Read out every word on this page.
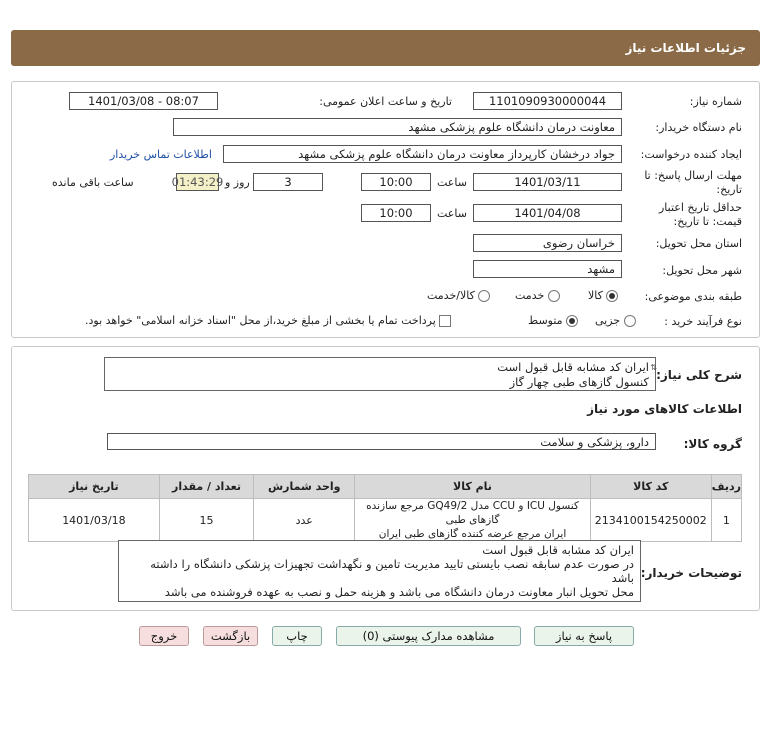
جزئیات اطلاعات نیاز
شماره نیاز:
1101090930000044
تاریخ و ساعت اعلان عمومی:
1401/03/08 - 08:07
نام دستگاه خریدار:
معاونت درمان دانشگاه علوم پزشکی مشهد
ایجاد کننده درخواست:
جواد درخشان کارپرداز معاونت درمان دانشگاه علوم پزشکی مشهد
اطلاعات تماس خریدار
مهلت ارسال پاسخ: تا
تاریخ:
1401/03/11
ساعت
10:00
3
روز و
01:43:29
ساعت باقی مانده
حداقل تاریخ اعتبار
قیمت: تا تاریخ:
1401/04/08
ساعت
10:00
استان محل تحویل:
خراسان رضوی
شهر محل تحویل:
مشهد
طبقه بندی موضوعی:
کالا
خدمت
کالا/خدمت
نوع فرآیند خرید :
جزیی
متوسط
پرداخت تمام یا بخشی از مبلغ خرید،از محل "اسناد خزانه اسلامی" خواهد بود.
شرح کلی نیاز:
ایران کد مشابه قابل قبول است
کنسول گازهای طبی چهار گاز
⇅
اطلاعات کالاهای مورد نیاز
گروه کالا:
دارو، پزشکی و سلامت
ردیف	کد کالا	نام کالا	واحد شمارش	تعداد / مقدار	تاریخ نیاز
1	2134100154250002	کنسول ICU و CCU مدل GQ49/2 مرجع سازنده گازهای طبی
ایران مرجع عرضه کننده گازهای طبی ایران	عدد	15	1401/03/18
توضیحات خریدار:
ایران کد مشابه قابل قبول است
در صورت عدم سابقه نصب بایستی تایید مدیریت تامین و نگهداشت تجهیزات پزشکی دانشگاه را داشته باشد
محل تحویل انبار معاونت درمان دانشگاه می باشد و هزینه حمل و نصب به عهده فروشنده می باشد
پاسخ به نیاز
مشاهده مدارک پیوستی (0)
چاپ
بازگشت
خروج
